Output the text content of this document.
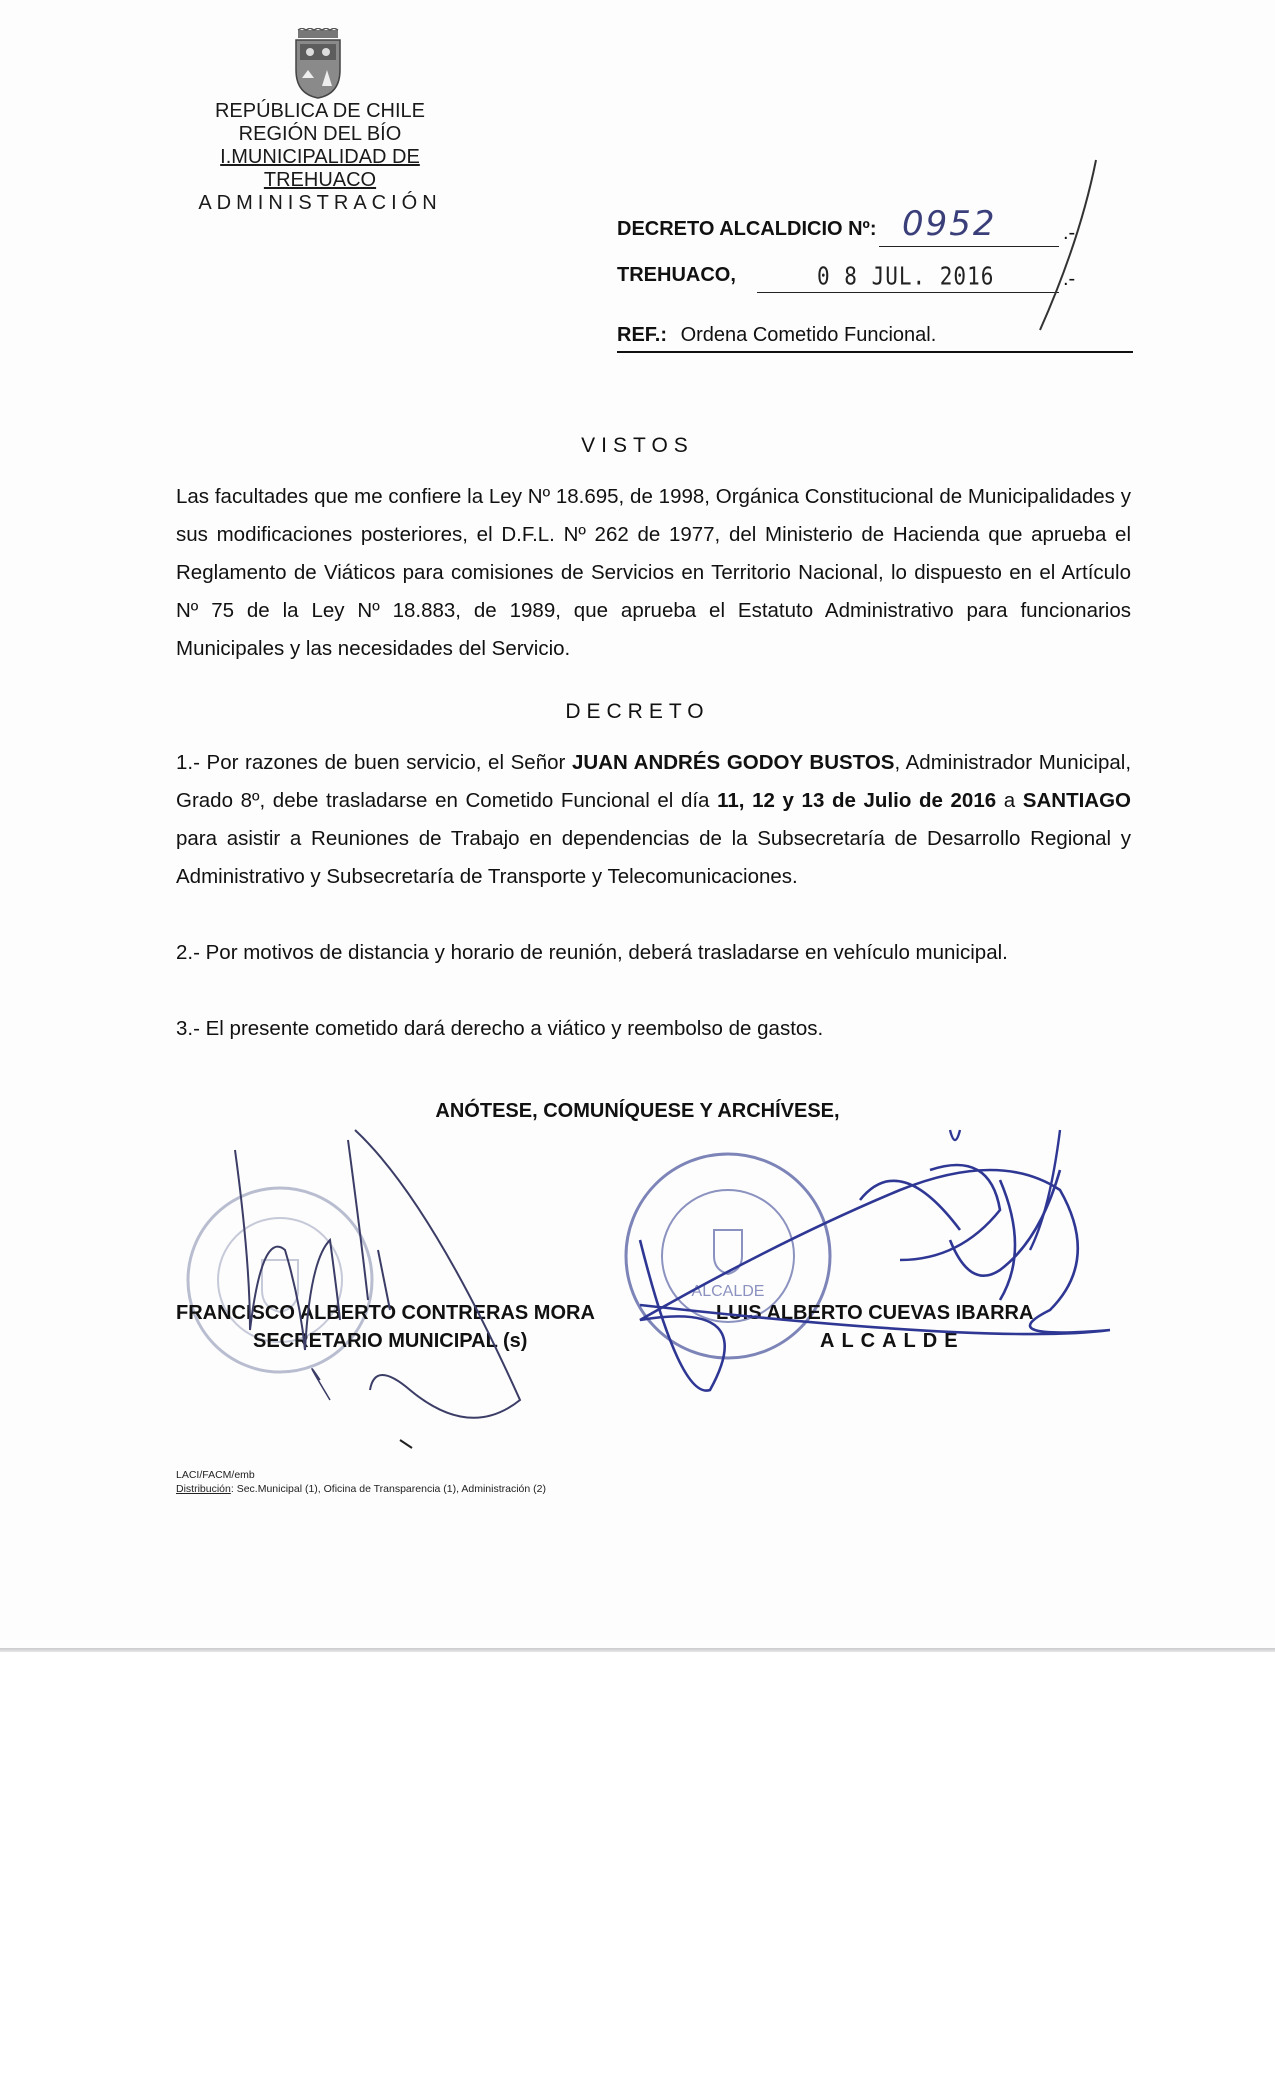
REPÚBLICA DE CHILE
REGIÓN DEL BÍO
I.MUNICIPALIDAD DE TREHUACO
ADMINISTRACIÓN
DECRETO ALCALDICIO Nº: 0952	.-
TREHUACO,	0 8 JUL. 2016	.-
REF.: Ordena Cometido Funcional.
VISTOS
Las facultades que me confiere la Ley Nº 18.695, de 1998, Orgánica Constitucional de Municipalidades y sus modificaciones posteriores, el D.F.L. Nº 262 de 1977, del Ministerio de Hacienda que aprueba el Reglamento de Viáticos para comisiones de Servicios en Territorio Nacional, lo dispuesto en el Artículo Nº 75 de la Ley Nº 18.883, de 1989, que aprueba el Estatuto Administrativo para funcionarios Municipales y las necesidades del Servicio.
DECRETO
1.- Por razones de buen servicio, el Señor JUAN ANDRÉS GODOY BUSTOS, Administrador Municipal, Grado 8º, debe trasladarse en Cometido Funcional el día 11, 12 y 13 de Julio de 2016 a SANTIAGO para asistir a Reuniones de Trabajo en dependencias de la Subsecretaría de Desarrollo Regional y Administrativo y Subsecretaría de Transporte y Telecomunicaciones.
2.- Por motivos de distancia y horario de reunión, deberá trasladarse en vehículo municipal.
3.- El presente cometido dará derecho a viático y reembolso de gastos.
ANÓTESE, COMUNÍQUESE Y ARCHÍVESE,
ALCALDE
FRANCISCO ALBERTO CONTRERAS MORA
SECRETARIO MUNICIPAL (s)
LUIS ALBERTO CUEVAS IBARRA
ALCALDE
LACI/FACM/emb
Distribución: Sec.Municipal (1), Oficina de Transparencia (1), Administración (2)
